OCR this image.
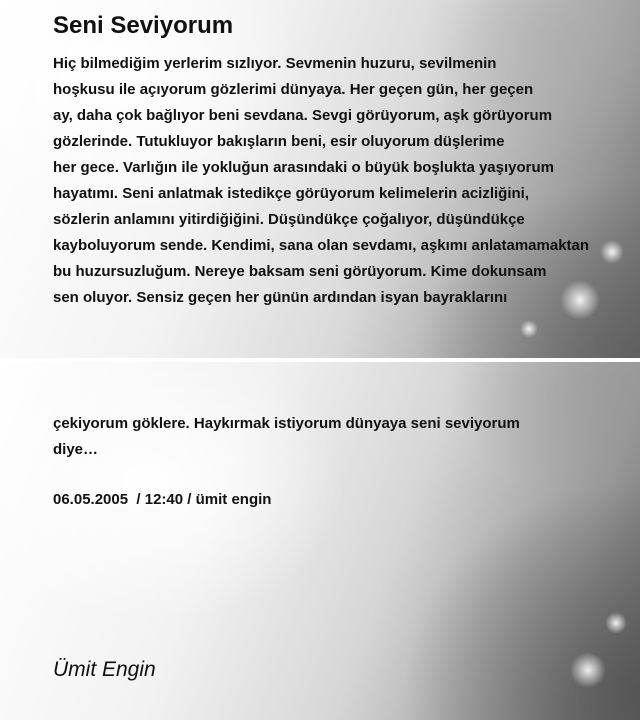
Seni Seviyorum
Hiç bilmediğim yerlerim sızlıyor. Sevmenin huzuru, sevilmenin
hoşkusu ile açıyorum gözlerimi dünyaya. Her geçen gün, her geçen
ay, daha çok bağlıyor beni sevdana. Sevgi görüyorum, aşk görüyorum
gözlerinde. Tutukluyor bakışların beni, esir oluyorum düşlerime
her gece. Varlığın ile yokluğun arasındaki o büyük boşlukta yaşıyorum
hayatımı. Seni anlatmak istedikçe görüyorum kelimelerin acizliğini,
sözlerin anlamını yitirdiğiğini. Düşündükçe çoğalıyor, düşündükçe
kayboluyorum sende. Kendimi, sana olan sevdamı, aşkımı anlatamamaktan
bu huzursuzluğum. Nereye baksam seni görüyorum. Kime dokunsam
sen oluyor. Sensiz geçen her günün ardından isyan bayraklarını
çekiyorum göklere. Haykırmak istiyorum dünyaya seni seviyorum
diye…
06.05.2005  / 12:40 / ümit engin
Ümit Engin
